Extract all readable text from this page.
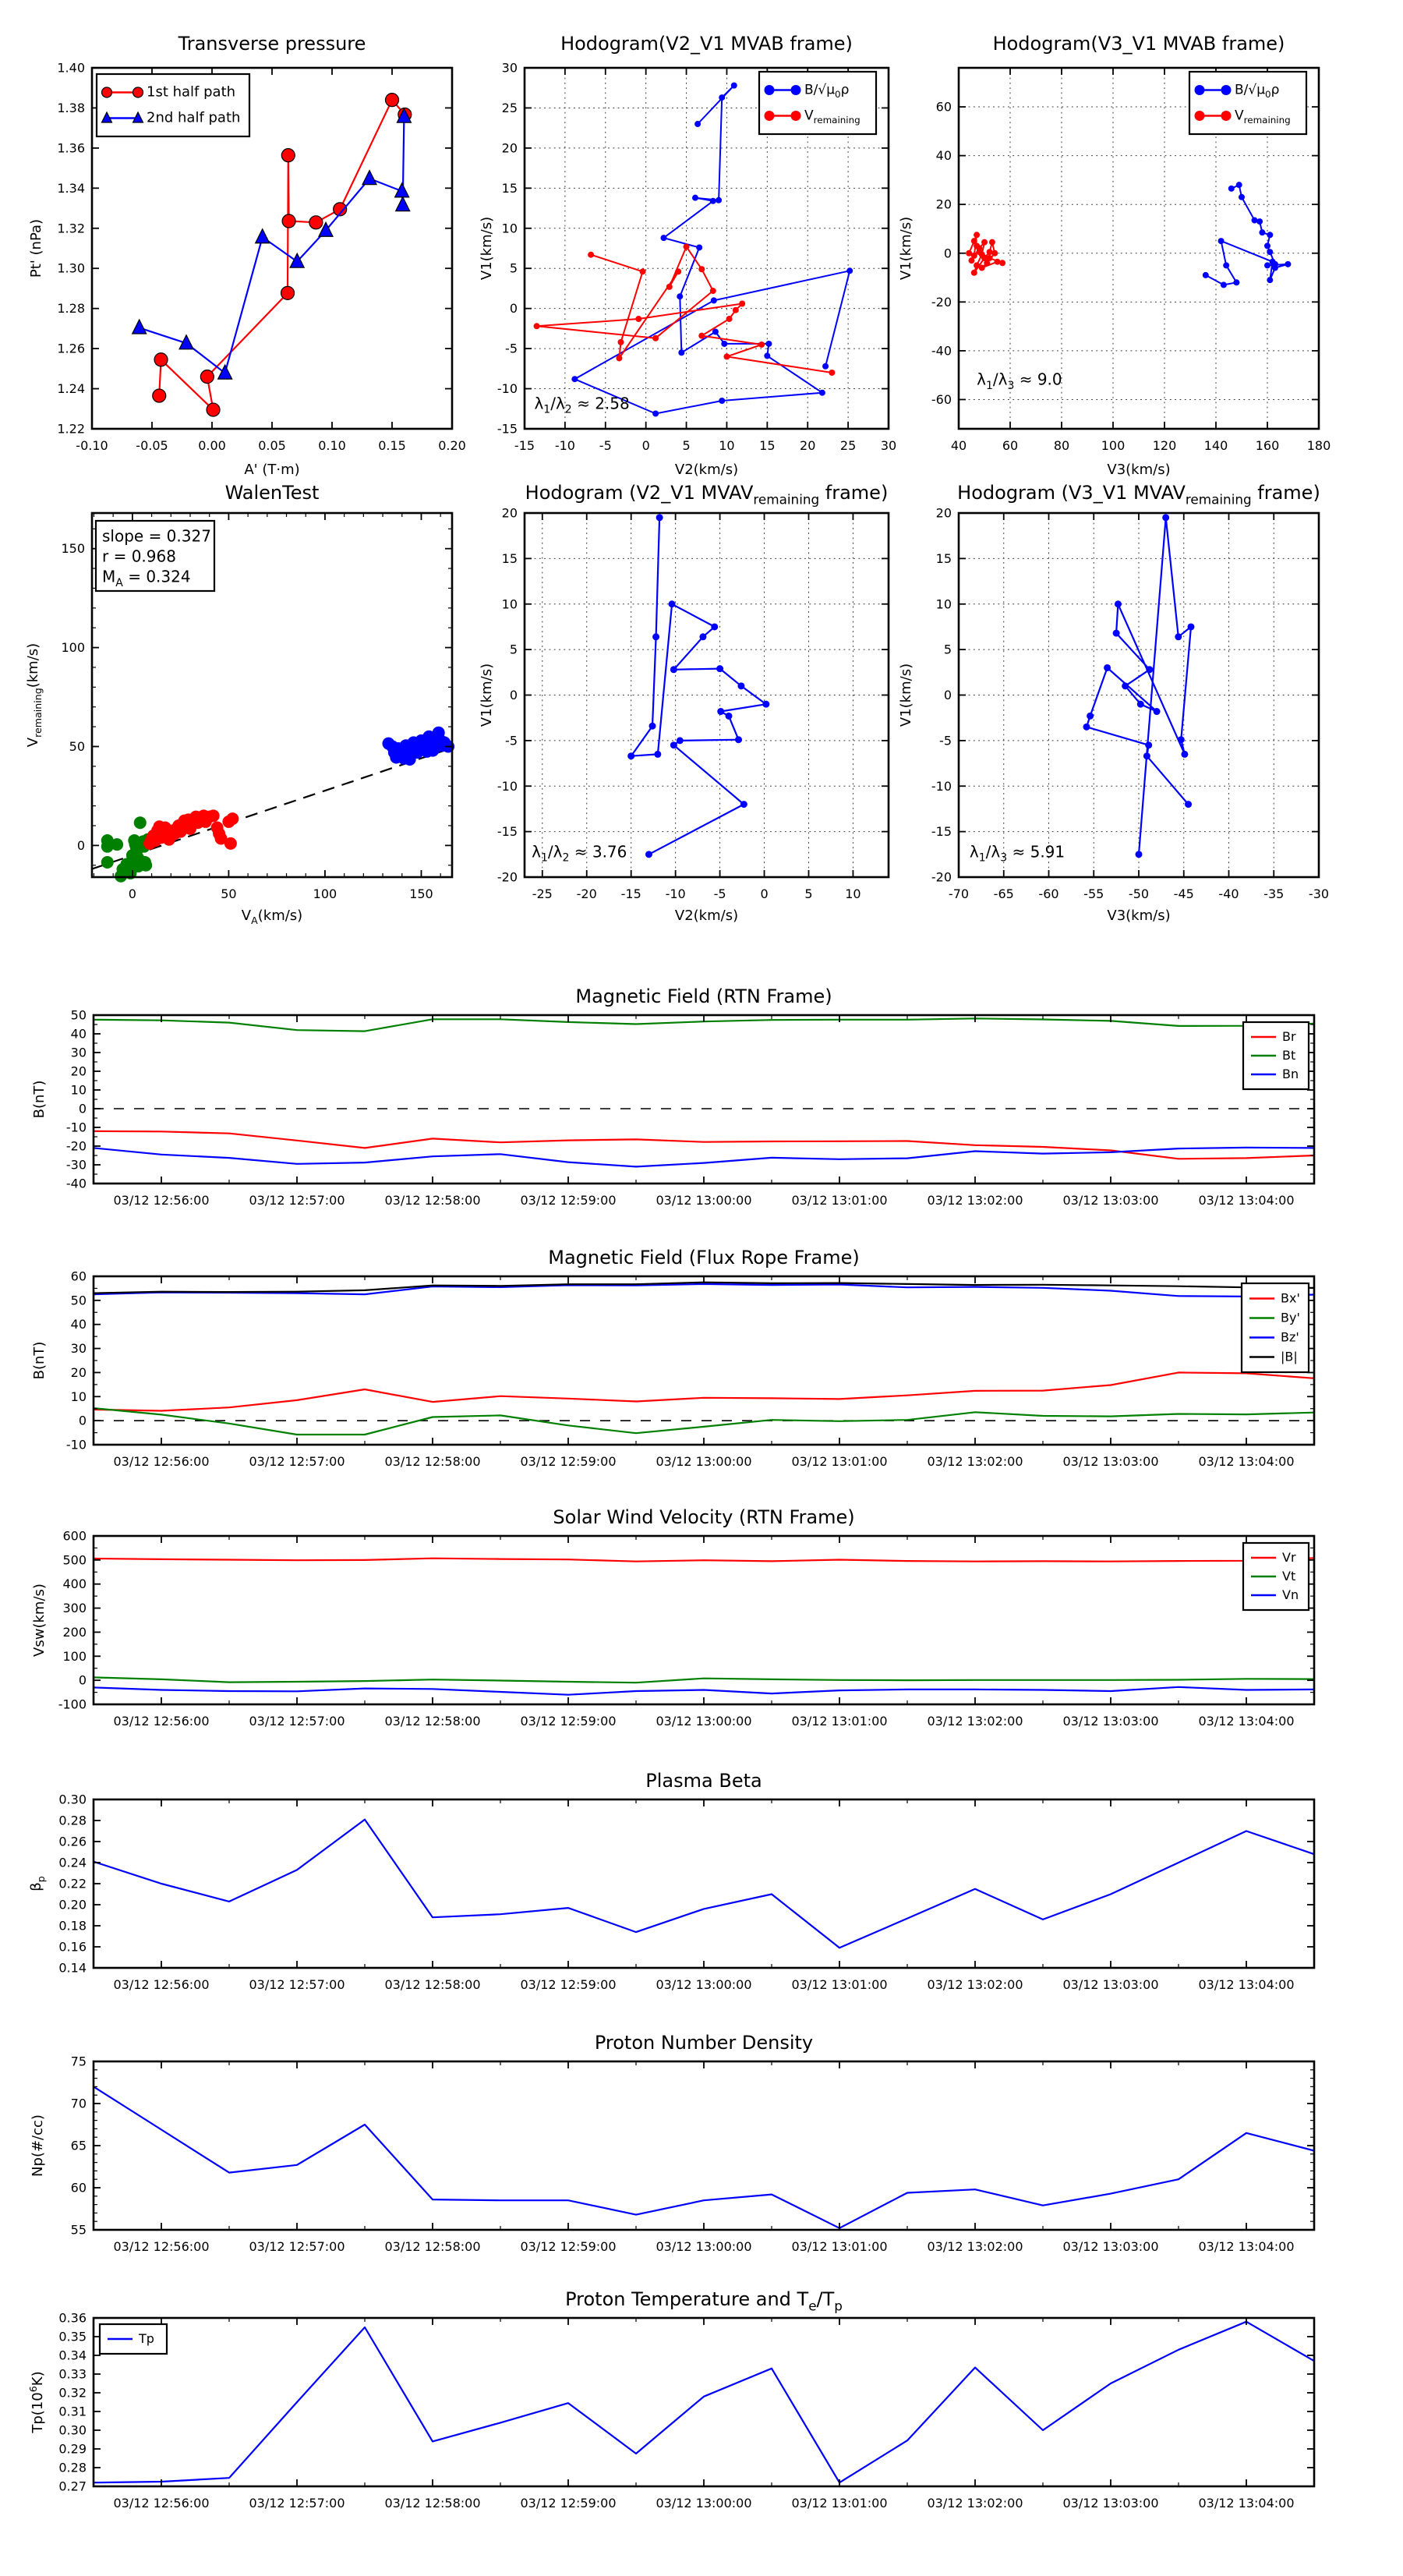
-0.10 -0.05 0.00	0.05	0.10	0.15	0.20
1.22
1.24
1.26
1.28
1.30
1.32
1.34
1.36
1.38
1.40
Transverse pressure
A' (T·m)
Pt' (nPa)
1st half path
2nd half path
-15 -10 -5 0	5 10 15 20 25 30
-15
-10
-5
0
5
10
15
20
25
30
Hodogram(V2_V1 MVAB frame)
V2(km/s)
V1(km/s)
$B/√\mu_0\rho$
$V_{remaining}$
$\lambda_1/\lambda_2 \approx 2.58$
40	60	80	100 120 140 160 180
-60
-40
-20
0
20
40
60
Hodogram(V3_V1 MVAB frame)
V3(km/s)
V1(km/s)
$B/√\mu_0\rho$
$V_{remaining}$
$\lambda_1/\lambda_3 \approx 9.0$
0	50	100	150
0
50
100
150
WalenTest
$V_A(km/s)$
$V_{remaining}(km/s)$
slope = 0.327
r = 0.968
$M_A = 0.324$
-25 -20 -15 -10 -5	0	5	10
-20
-15
-10
-5
0
5
10
15
20
Hodogram (V2_V1 $MVAV_{remaining}$ frame)
V2(km/s)
V1(km/s)
$\lambda_1/\lambda_2 \approx 3.76$
-70 -65 -60 -55 -50 -45 -40 -35 -30
-20
-15
-10
-5
0
5
10
15
20
Hodogram (V3_V1 $MVAV_{remaining}$ frame)
V3(km/s)
V1(km/s)
$\lambda_1/\lambda_3 \approx 5.91$
03/12 12:56:00	03/12 12:57:00	03/12 12:58:00	03/12 12:59:00	03/12 13:00:00	03/12 13:01:00	03/12 13:02:00	03/12 13:03:00	03/12 13:04:00
-40
-30
-20
-10
0
10
20
30
40
50
Magnetic Field (RTN Frame)
B(nT)
Br
Bt
Bn
03/12 12:56:00	03/12 12:57:00	03/12 12:58:00	03/12 12:59:00	03/12 13:00:00	03/12 13:01:00	03/12 13:02:00	03/12 13:03:00	03/12 13:04:00
-10
0
10
20
30
40
50
60
Magnetic Field (Flux Rope Frame)
B(nT)
Bx'
By'
Bz'
|B|
03/12 12:56:00	03/12 12:57:00	03/12 12:58:00	03/12 12:59:00	03/12 13:00:00	03/12 13:01:00	03/12 13:02:00	03/12 13:03:00	03/12 13:04:00
-100
0
100
200
300
400
500
600
Solar Wind Velocity (RTN Frame)
Vsw(km/s)
Vr
Vt
Vn
03/12 12:56:00	03/12 12:57:00	03/12 12:58:00	03/12 12:59:00	03/12 13:00:00	03/12 13:01:00	03/12 13:02:00	03/12 13:03:00	03/12 13:04:00
0.14
0.16
0.18
0.20
0.22
0.24
0.26
0.28
0.30
Plasma Beta
$\beta_p$
03/12 12:56:00	03/12 12:57:00	03/12 12:58:00	03/12 12:59:00	03/12 13:00:00	03/12 13:01:00	03/12 13:02:00	03/12 13:03:00	03/12 13:04:00
55
60
65
70
75
Proton Number Density
Np(#/cc)
03/12 12:56:00	03/12 12:57:00	03/12 12:58:00	03/12 12:59:00	03/12 13:00:00	03/12 13:01:00	03/12 13:02:00	03/12 13:03:00	03/12 13:04:00
0.27
0.28
0.29
0.30
0.31
0.32
0.33
0.34
0.35
0.36
Proton Temperature and $T_e/T_p$
$Tp(10^6K)$
Tp
